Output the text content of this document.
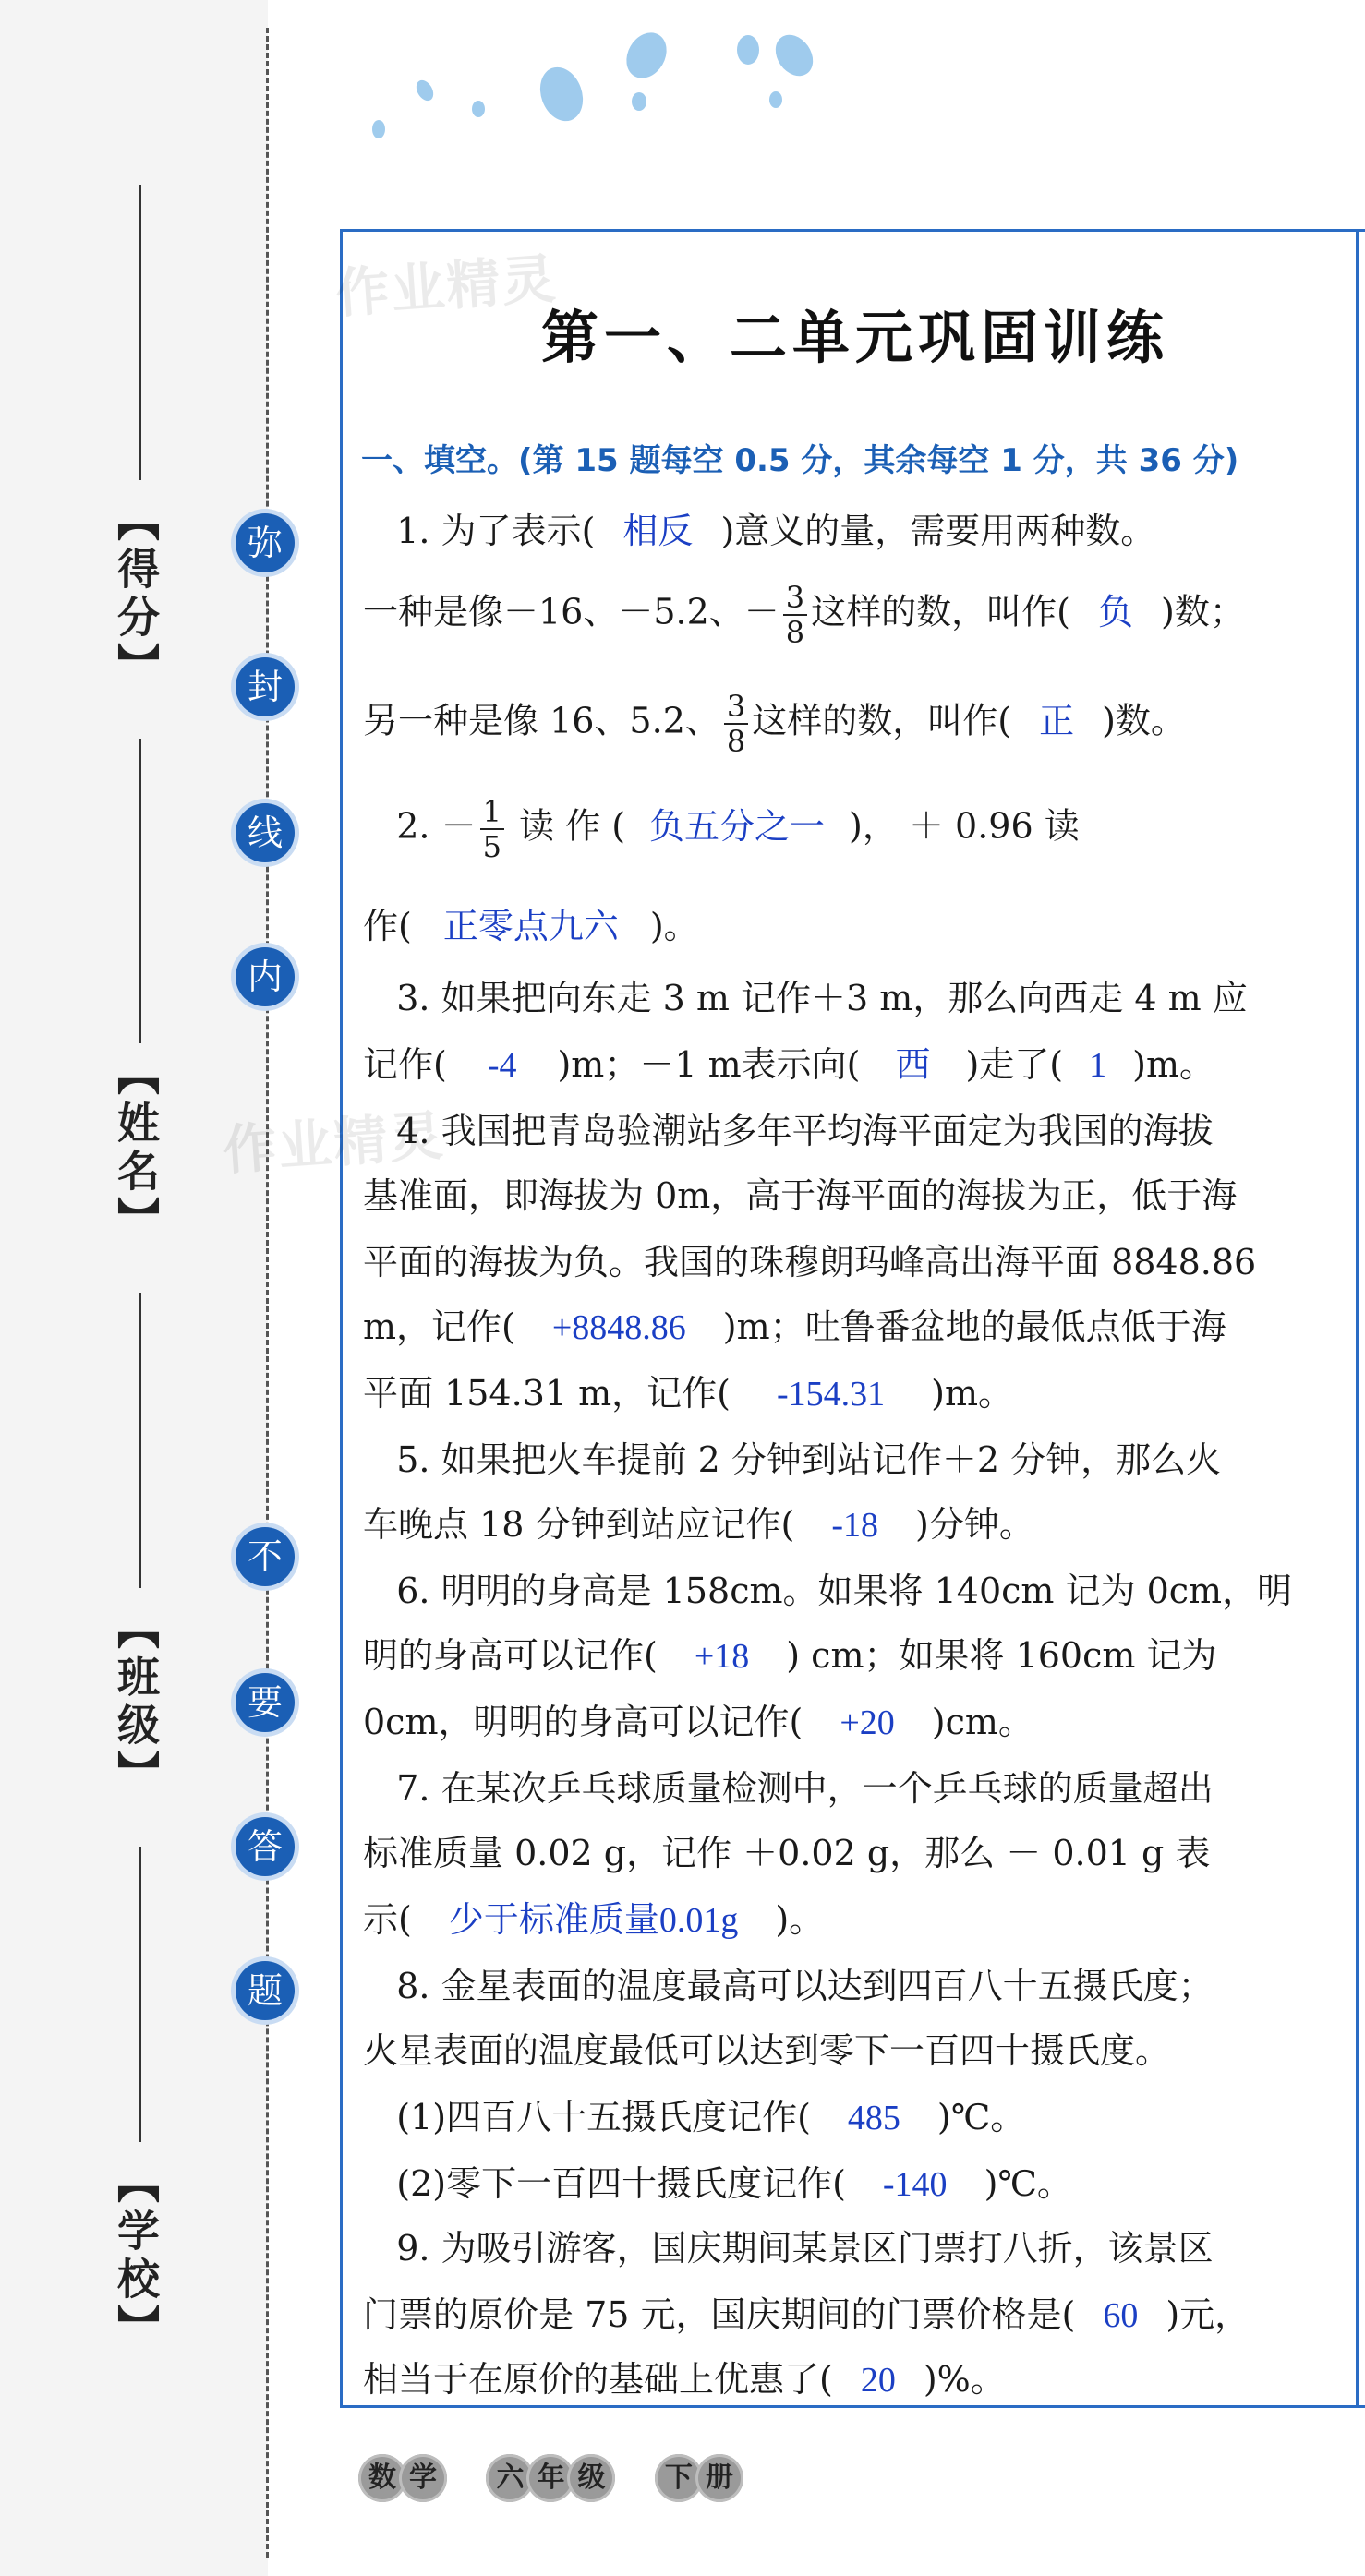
【得分】
【姓名】
【班级】
【学校】
弥
封
线
内
不
要
答
题
作业精灵
作业精灵
第一、二单元巩固训练
一、填空。(第 15 题每空 0.5 分，其余每空 1 分，共 36 分)
1. 为了表示( 相反 )意义的量，需要用两种数。
一种是像－16、－5.2、－ $\frac{3}{8}$ 这样的数，叫作( 负 )数；
另一种是像 16、5.2、 $\frac{3}{8}$ 这样的数，叫作( 正 )数。
2. － $\frac{1}{5}$ 读 作 ( 负五分之一 )， ＋ 0.96 读
作( 正零点九六 )。
3. 如果把向东走 3 m 记作＋3 m，那么向西走 4 m 应
记作( -4 )m；－1 m表示向( 西 )走了( 1 )m。
4. 我国把青岛验潮站多年平均海平面定为我国的海拔
基准面，即海拔为 0m，高于海平面的海拔为正，低于海
平面的海拔为负。我国的珠穆朗玛峰高出海平面 8848.86
m，记作( +8848.86 )m；吐鲁番盆地的最低点低于海
平面 154.31 m，记作( -154.31 )m。
5. 如果把火车提前 2 分钟到站记作＋2 分钟，那么火
车晚点 18 分钟到站应记作( -18 )分钟。
6. 明明的身高是 158cm。如果将 140cm 记为 0cm，明
明的身高可以记作( +18 ) cm；如果将 160cm 记为
0cm，明明的身高可以记作( +20 )cm。
7. 在某次乒乓球质量检测中，一个乒乓球的质量超出
标准质量 0.02 g，记作 ＋0.02 g，那么 － 0.01 g 表
示( 少于标准质量0.01g )。
8. 金星表面的温度最高可以达到四百八十五摄氏度；
火星表面的温度最低可以达到零下一百四十摄氏度。
(1)四百八十五摄氏度记作( 485 )℃。
(2)零下一百四十摄氏度记作( -140 )℃。
9. 为吸引游客，国庆期间某景区门票打八折，该景区
门票的原价是 75 元，国庆期间的门票价格是( 60 )元，
相当于在原价的基础上优惠了( 20 )%。
数 学 六 年 级 下 册
